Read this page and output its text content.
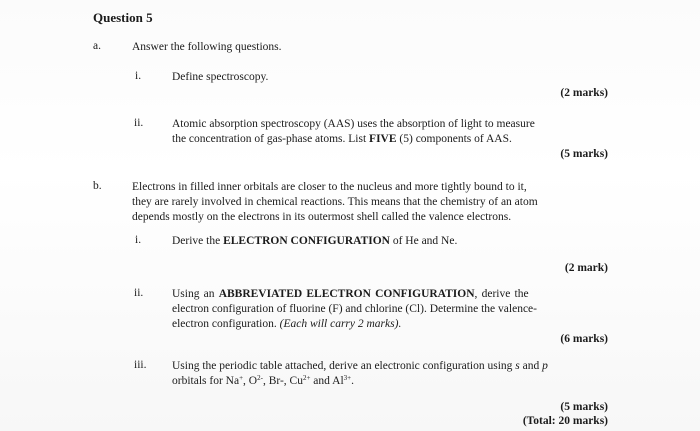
Question 5
a.	Answer the following questions.
i.	Define spectroscopy.
(2 marks)
ii. Atomic absorption spectroscopy (AAS) uses the absorption of light to measure
the concentration of gas-phase atoms. List FIVE (5) components of AAS.
(5 marks)
b.	Electrons in filled inner orbitals are closer to the nucleus and more tightly bound to it,
they are rarely involved in chemical reactions. This means that the chemistry of an atom
depends mostly on the electrons in its outermost shell called the valence electrons.
i.	Derive the ELECTRON CONFIGURATION of He and Ne.
(2 mark)
ii. Using an ABBREVIATED ELECTRON CONFIGURATION, derive the
electron configuration of fluorine (F) and chlorine (Cl). Determine the valence-
electron configuration. (Each will carry 2 marks).
(6 marks)
iii. Using the periodic table attached, derive an electronic configuration using s and p
orbitals for Na+, $O^{2-}$, Br-, $Cu^{2+}$ and $Al^{3+}$.
(5 marks)
(Total: 20 marks)
